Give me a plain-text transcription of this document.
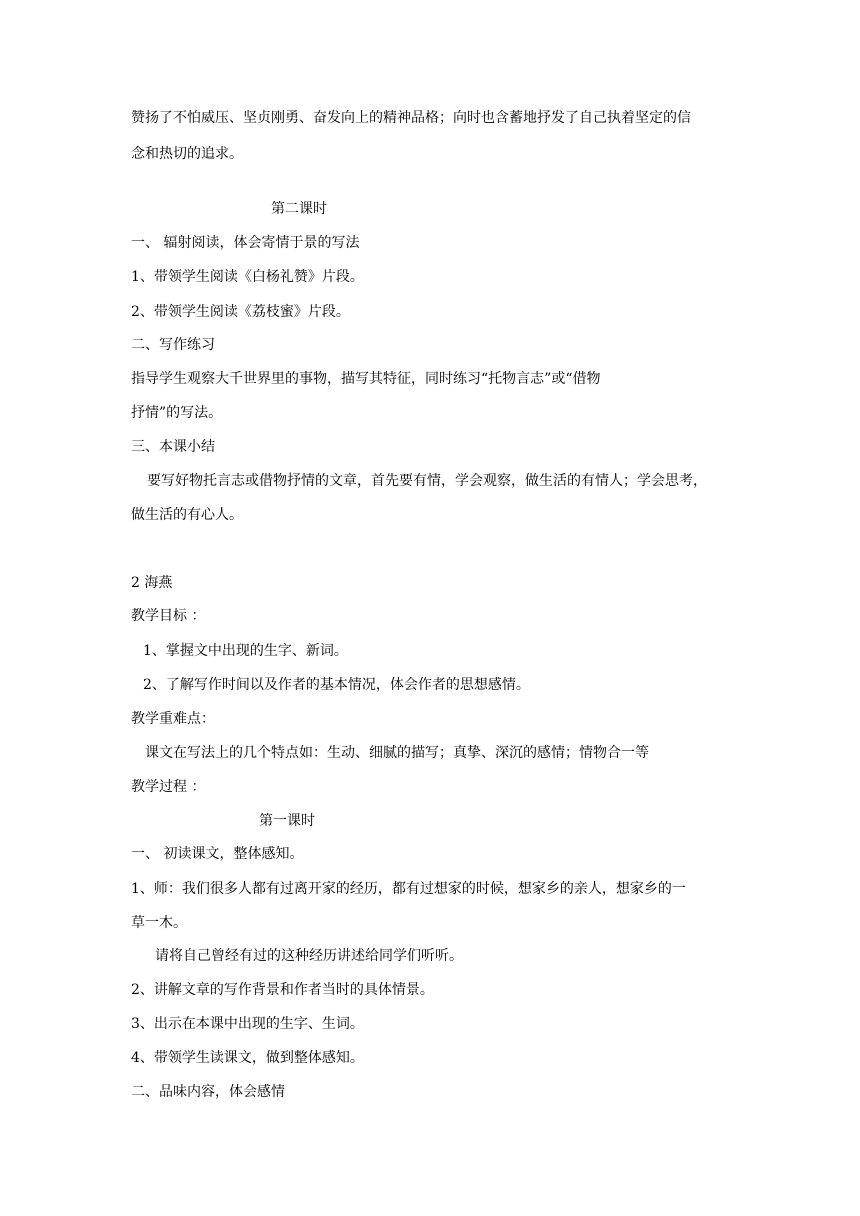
赞扬了不怕威压、坚贞刚勇、奋发向上的精神品格；向时也含蓄地抒发了自己执着坚定的信
念和热切的追求。
第二课时
一、 辐射阅读，体会寄情于景的写法
1、带领学生阅读《白杨礼赞》片段。
2、带领学生阅读《荔枝蜜》片段。
二、写作练习
指导学生观察大千世界里的事物，描写其特征，同时练习“托物言志”或“借物
抒情”的写法。
三、本课小结
要写好物托言志或借物抒情的文章，首先要有情，学会观察，做生活的有情人；学会思考，
做生活的有心人。
2 海燕
教学目标 ：
1、掌握文中出现的生字、新词。
2、了解写作时间以及作者的基本情况，体会作者的思想感情。
教学重难点：
课文在写法上的几个特点如：生动、细腻的描写；真挚、深沉的感情；情物合一等
教学过程 ：
第一课时
一、 初读课文，整体感知。
1、师：我们很多人都有过离开家的经历，都有过想家的时候，想家乡的亲人，想家乡的一
草一木。
请将自己曾经有过的这种经历讲述给同学们听听。
2、讲解文章的写作背景和作者当时的具体情景。
3、出示在本课中出现的生字、生词。
4、带领学生读课文，做到整体感知。
二、品味内容，体会感情
